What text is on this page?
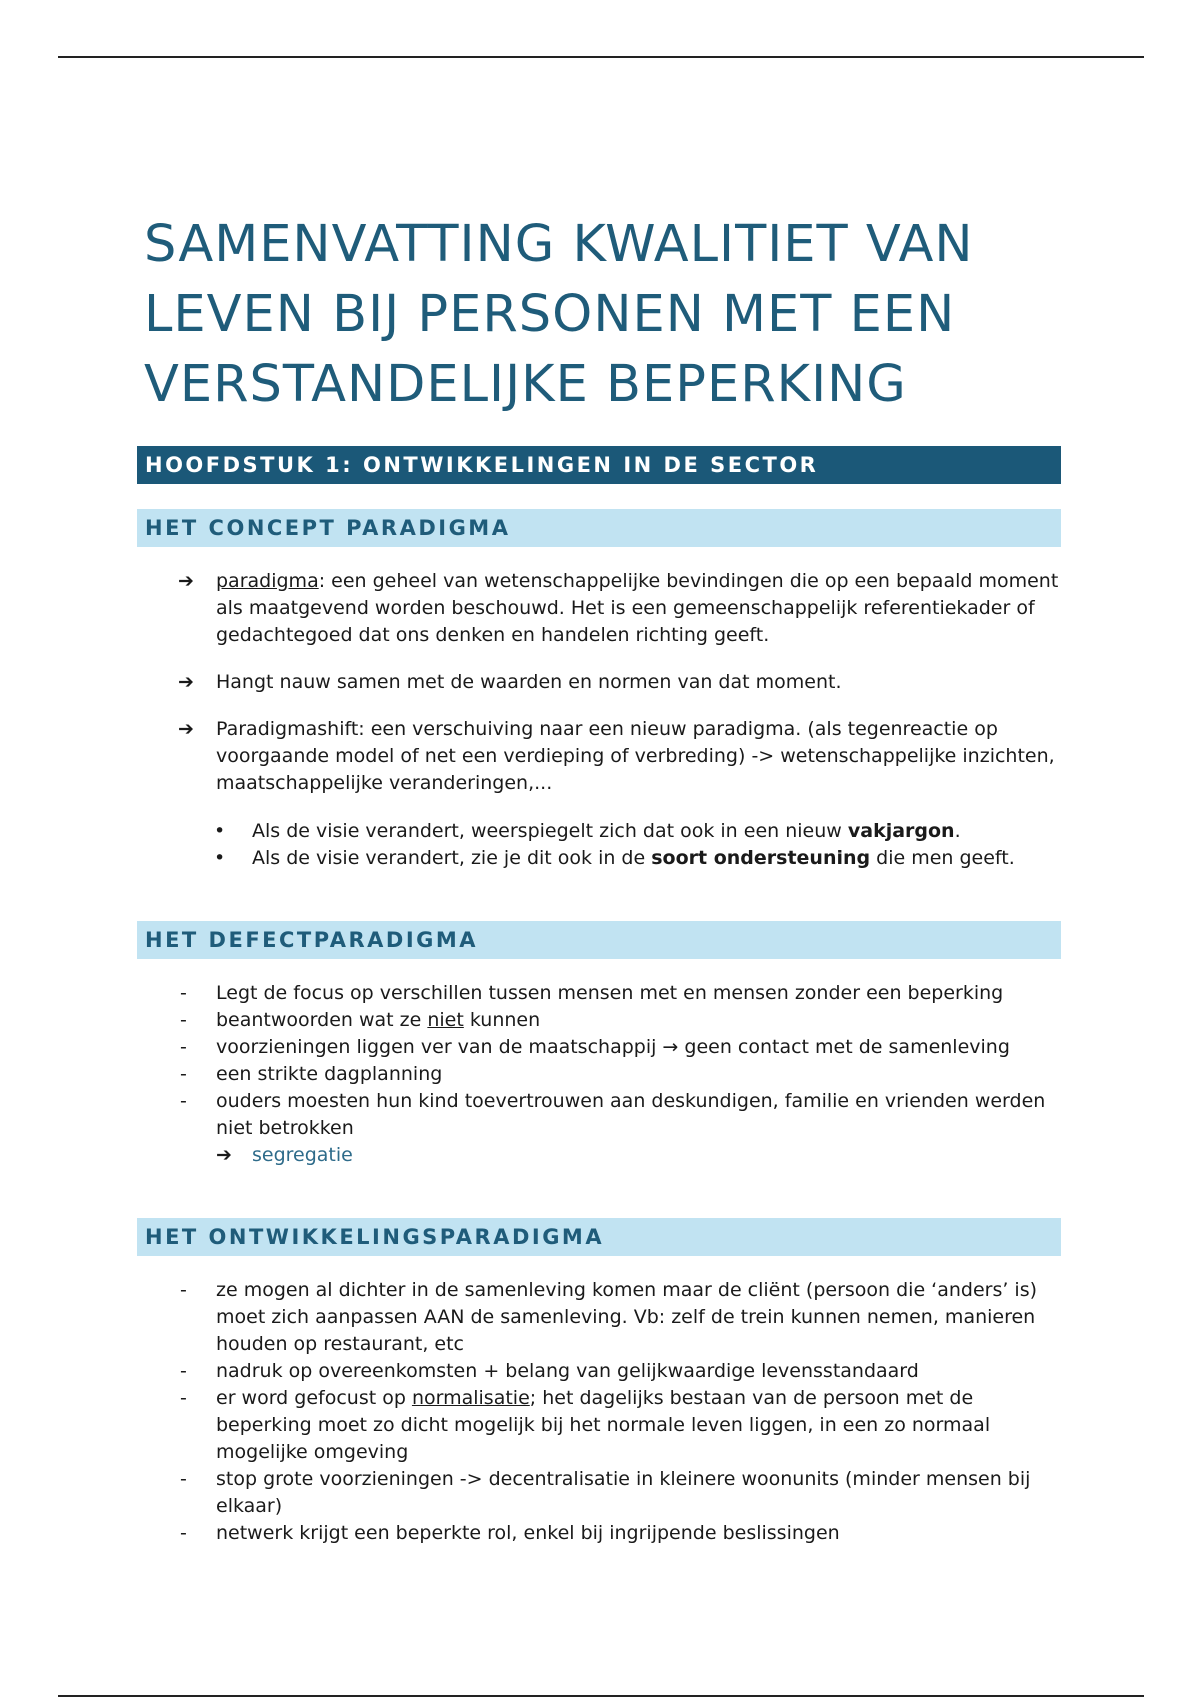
SAMENVATTING KWALITIET VAN
LEVEN BIJ PERSONEN MET EEN
VERSTANDELIJKE BEPERKING
HOOFDSTUK 1: ONTWIKKELINGEN IN DE SECTOR
HET CONCEPT PARADIGMA
➔	paradigma: een geheel van wetenschappelijke bevindingen die op een bepaald moment als maatgevend worden beschouwd. Het is een gemeenschappelijk referentiekader of gedachtegoed dat ons denken en handelen richting geeft.
➔	Hangt nauw samen met de waarden en normen van dat moment.
➔	Paradigmashift: een verschuiving naar een nieuw paradigma. (als tegenreactie op voorgaande model of net een verdieping of verbreding) -> wetenschappelijke inzichten, maatschappelijke veranderingen,...
•	Als de visie verandert, weerspiegelt zich dat ook in een nieuw vakjargon.
•	Als de visie verandert, zie je dit ook in de soort ondersteuning die men geeft.
HET DEFECTPARADIGMA
-	Legt de focus op verschillen tussen mensen met en mensen zonder een beperking
-	beantwoorden wat ze niet kunnen
-	voorzieningen liggen ver van de maatschappij → geen contact met de samenleving
-	een strikte dagplanning
-	ouders moesten hun kind toevertrouwen aan deskundigen, familie en vrienden werden niet betrokken
➔	segregatie
HET ONTWIKKELINGSPARADIGMA
-	ze mogen al dichter in de samenleving komen maar de cliënt (persoon die ‘anders’ is) moet zich aanpassen AAN de samenleving. Vb: zelf de trein kunnen nemen, manieren houden op restaurant, etc
-	nadruk op overeenkomsten + belang van gelijkwaardige levensstandaard
-	er word gefocust op normalisatie; het dagelijks bestaan van de persoon met de beperking moet zo dicht mogelijk bij het normale leven liggen, in een zo normaal mogelijke omgeving
-	stop grote voorzieningen -> decentralisatie in kleinere woonunits (minder mensen bij elkaar)
-	netwerk krijgt een beperkte rol, enkel bij ingrijpende beslissingen
